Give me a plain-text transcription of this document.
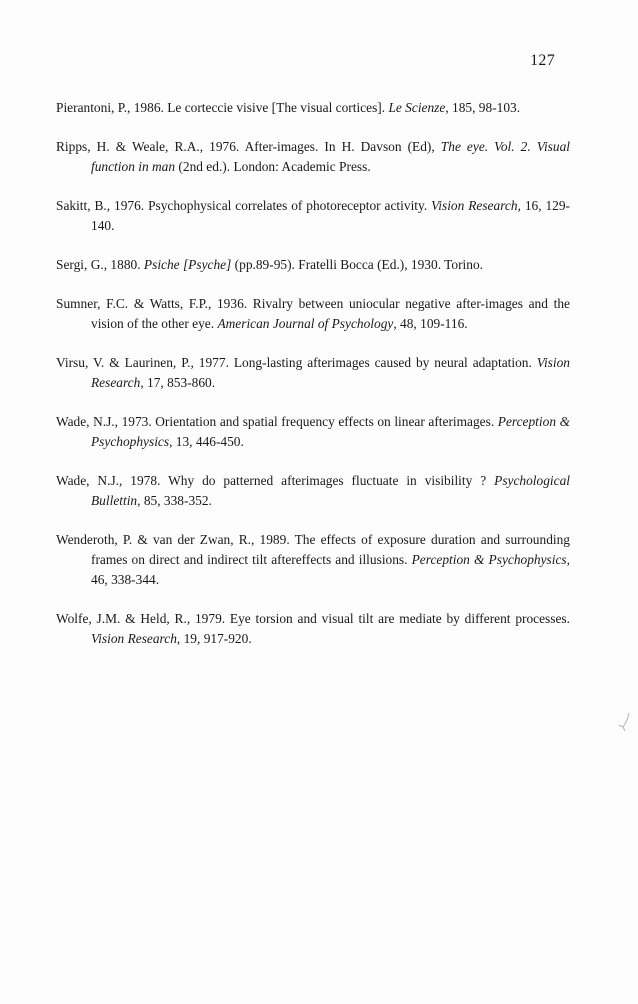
127
Pierantoni, P., 1986. Le corteccie visive [The visual cortices]. Le Scienze, 185, 98-103.
Ripps, H. & Weale, R.A., 1976. After-images. In H. Davson (Ed), The eye. Vol. 2. Visual function in man (2nd ed.). London: Academic Press.
Sakitt, B., 1976. Psychophysical correlates of photoreceptor activity. Vision Research, 16, 129-140.
Sergi, G., 1880. Psiche [Psyche] (pp.89-95). Fratelli Bocca (Ed.), 1930. Torino.
Sumner, F.C. & Watts, F.P., 1936. Rivalry between uniocular negative after-images and the vision of the other eye. American Journal of Psychology, 48, 109-116.
Virsu, V. & Laurinen, P., 1977. Long-lasting afterimages caused by neural adaptation. Vision Research, 17, 853-860.
Wade, N.J., 1973. Orientation and spatial frequency effects on linear afterimages. Perception & Psychophysics, 13, 446-450.
Wade, N.J., 1978. Why do patterned afterimages fluctuate in visibility ? Psychological Bullettin, 85, 338-352.
Wenderoth, P. & van der Zwan, R., 1989. The effects of exposure duration and surrounding frames on direct and indirect tilt aftereffects and illusions. Perception & Psychophysics, 46, 338-344.
Wolfe, J.M. & Held, R., 1979. Eye torsion and visual tilt are mediate by different processes. Vision Research, 19, 917-920.
